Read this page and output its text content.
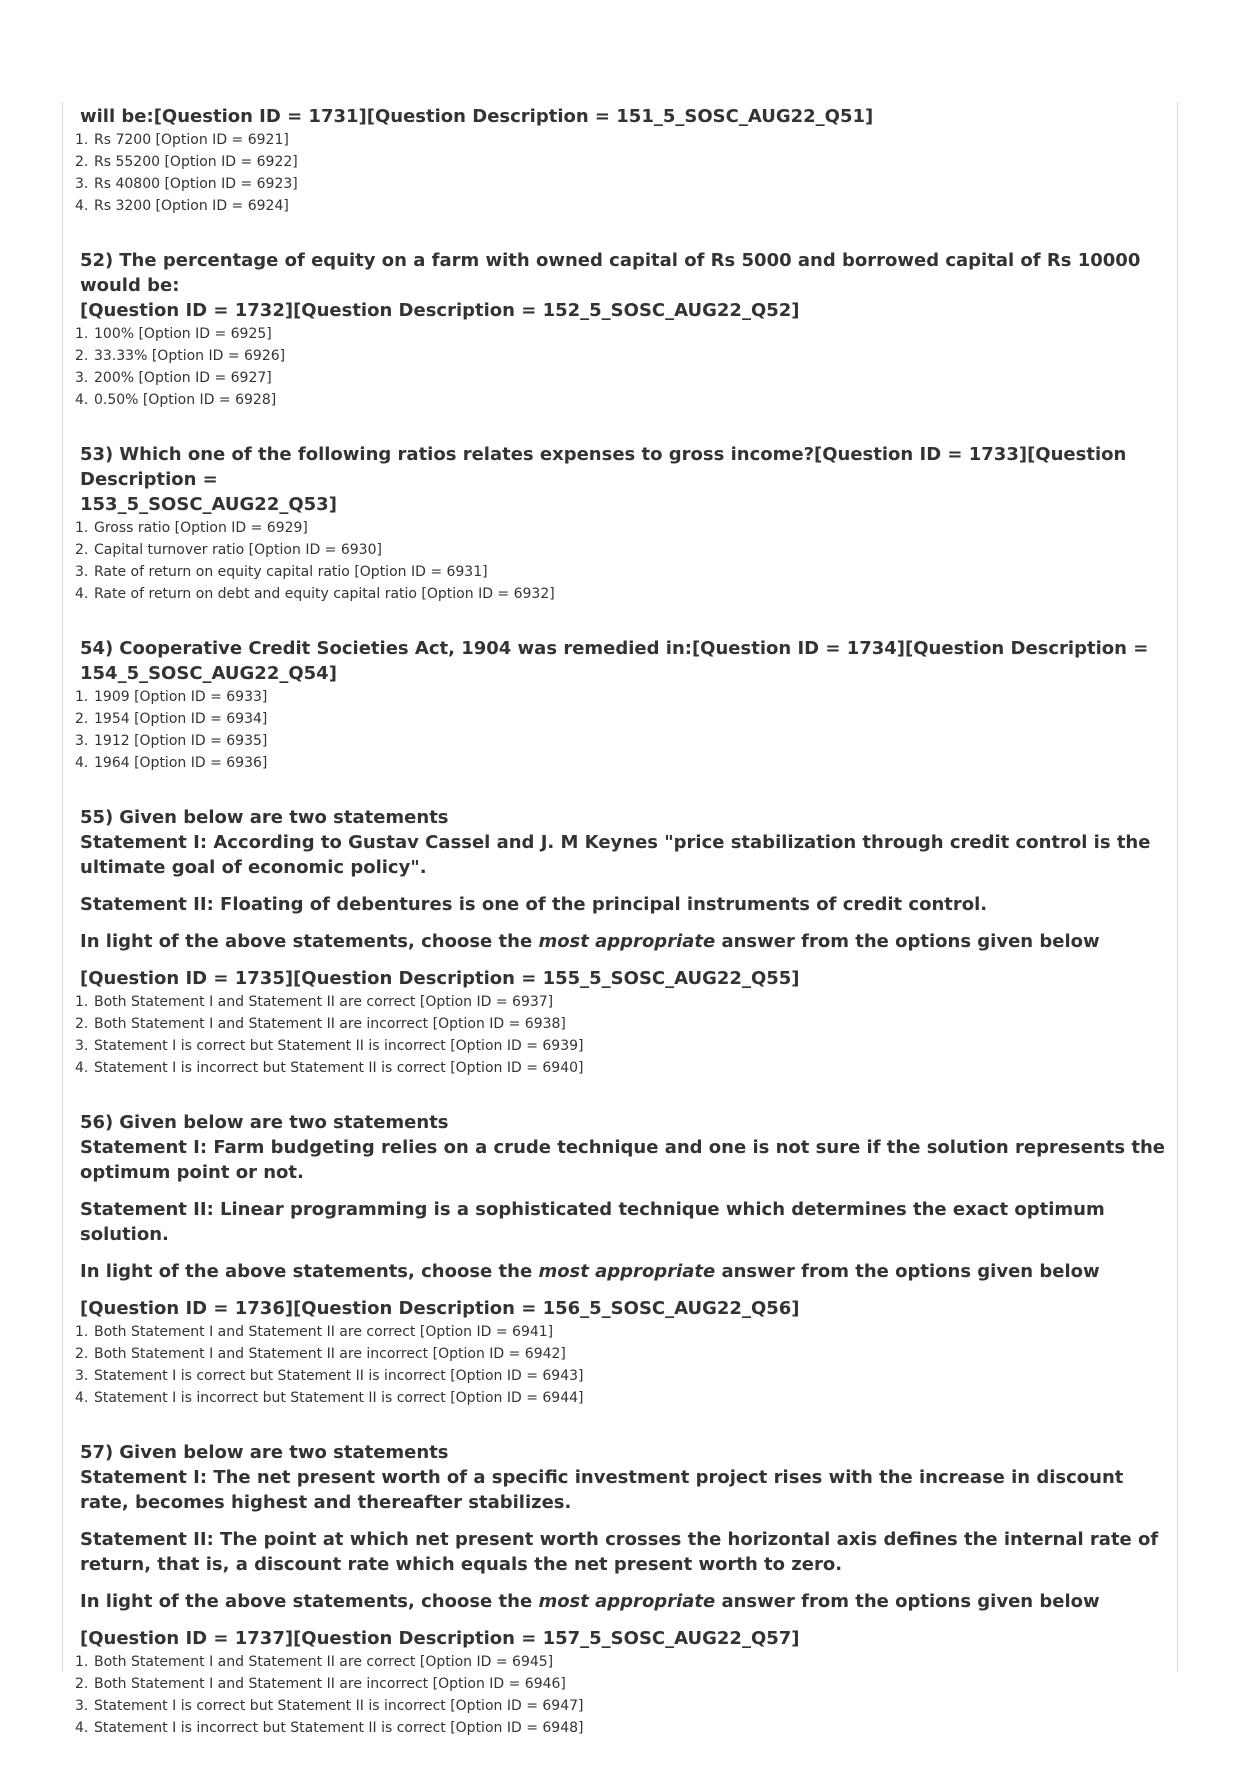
will be:[Question ID = 1731][Question Description = 151_5_SOSC_AUG22_Q51]

1. Rs 7200 [Option ID = 6921]
2. Rs 55200 [Option ID = 6922]
3. Rs 40800 [Option ID = 6923]
4. Rs 3200 [Option ID = 6924]

52) The percentage of equity on a farm with owned capital of Rs 5000 and borrowed capital of Rs 10000 would be:

[Question ID = 1732][Question Description = 152_5_SOSC_AUG22_Q52]

1. 100% [Option ID = 6925]
2. 33.33% [Option ID = 6926]
3. 200% [Option ID = 6927]
4. 0.50% [Option ID = 6928]

53) Which one of the following ratios relates expenses to gross income?[Question ID = 1733][Question Description =

153_5_SOSC_AUG22_Q53]

1. Gross ratio [Option ID = 6929]
2. Capital turnover ratio [Option ID = 6930]
3. Rate of return on equity capital ratio [Option ID = 6931]
4. Rate of return on debt and equity capital ratio [Option ID = 6932]

54) Cooperative Credit Societies Act, 1904 was remedied in:[Question ID = 1734][Question Description =

154_5_SOSC_AUG22_Q54]

1. 1909 [Option ID = 6933]
2. 1954 [Option ID = 6934]
3. 1912 [Option ID = 6935]
4. 1964 [Option ID = 6936]

55) Given below are two statements

Statement I: According to Gustav Cassel and J. M Keynes "price stabilization through credit control is the ultimate goal of economic policy".

Statement II: Floating of debentures is one of the principal instruments of credit control.

In light of the above statements, choose the most appropriate answer from the options given below

[Question ID = 1735][Question Description = 155_5_SOSC_AUG22_Q55]

1. Both Statement I and Statement II are correct [Option ID = 6937]
2. Both Statement I and Statement II are incorrect [Option ID = 6938]
3. Statement I is correct but Statement II is incorrect [Option ID = 6939]
4. Statement I is incorrect but Statement II is correct [Option ID = 6940]

56) Given below are two statements

Statement I: Farm budgeting relies on a crude technique and one is not sure if the solution represents the optimum point or not.

Statement II: Linear programming is a sophisticated technique which determines the exact optimum solution.

In light of the above statements, choose the most appropriate answer from the options given below

[Question ID = 1736][Question Description = 156_5_SOSC_AUG22_Q56]

1. Both Statement I and Statement II are correct [Option ID = 6941]
2. Both Statement I and Statement II are incorrect [Option ID = 6942]
3. Statement I is correct but Statement II is incorrect [Option ID = 6943]
4. Statement I is incorrect but Statement II is correct [Option ID = 6944]

57) Given below are two statements

Statement I: The net present worth of a specific investment project rises with the increase in discount rate, becomes highest and thereafter stabilizes.

Statement II: The point at which net present worth crosses the horizontal axis defines the internal rate of return, that is, a discount rate which equals the net present worth to zero.

In light of the above statements, choose the most appropriate answer from the options given below

[Question ID = 1737][Question Description = 157_5_SOSC_AUG22_Q57]

1. Both Statement I and Statement II are correct [Option ID = 6945]
2. Both Statement I and Statement II are incorrect [Option ID = 6946]
3. Statement I is correct but Statement II is incorrect [Option ID = 6947]
4. Statement I is incorrect but Statement II is correct [Option ID = 6948]
